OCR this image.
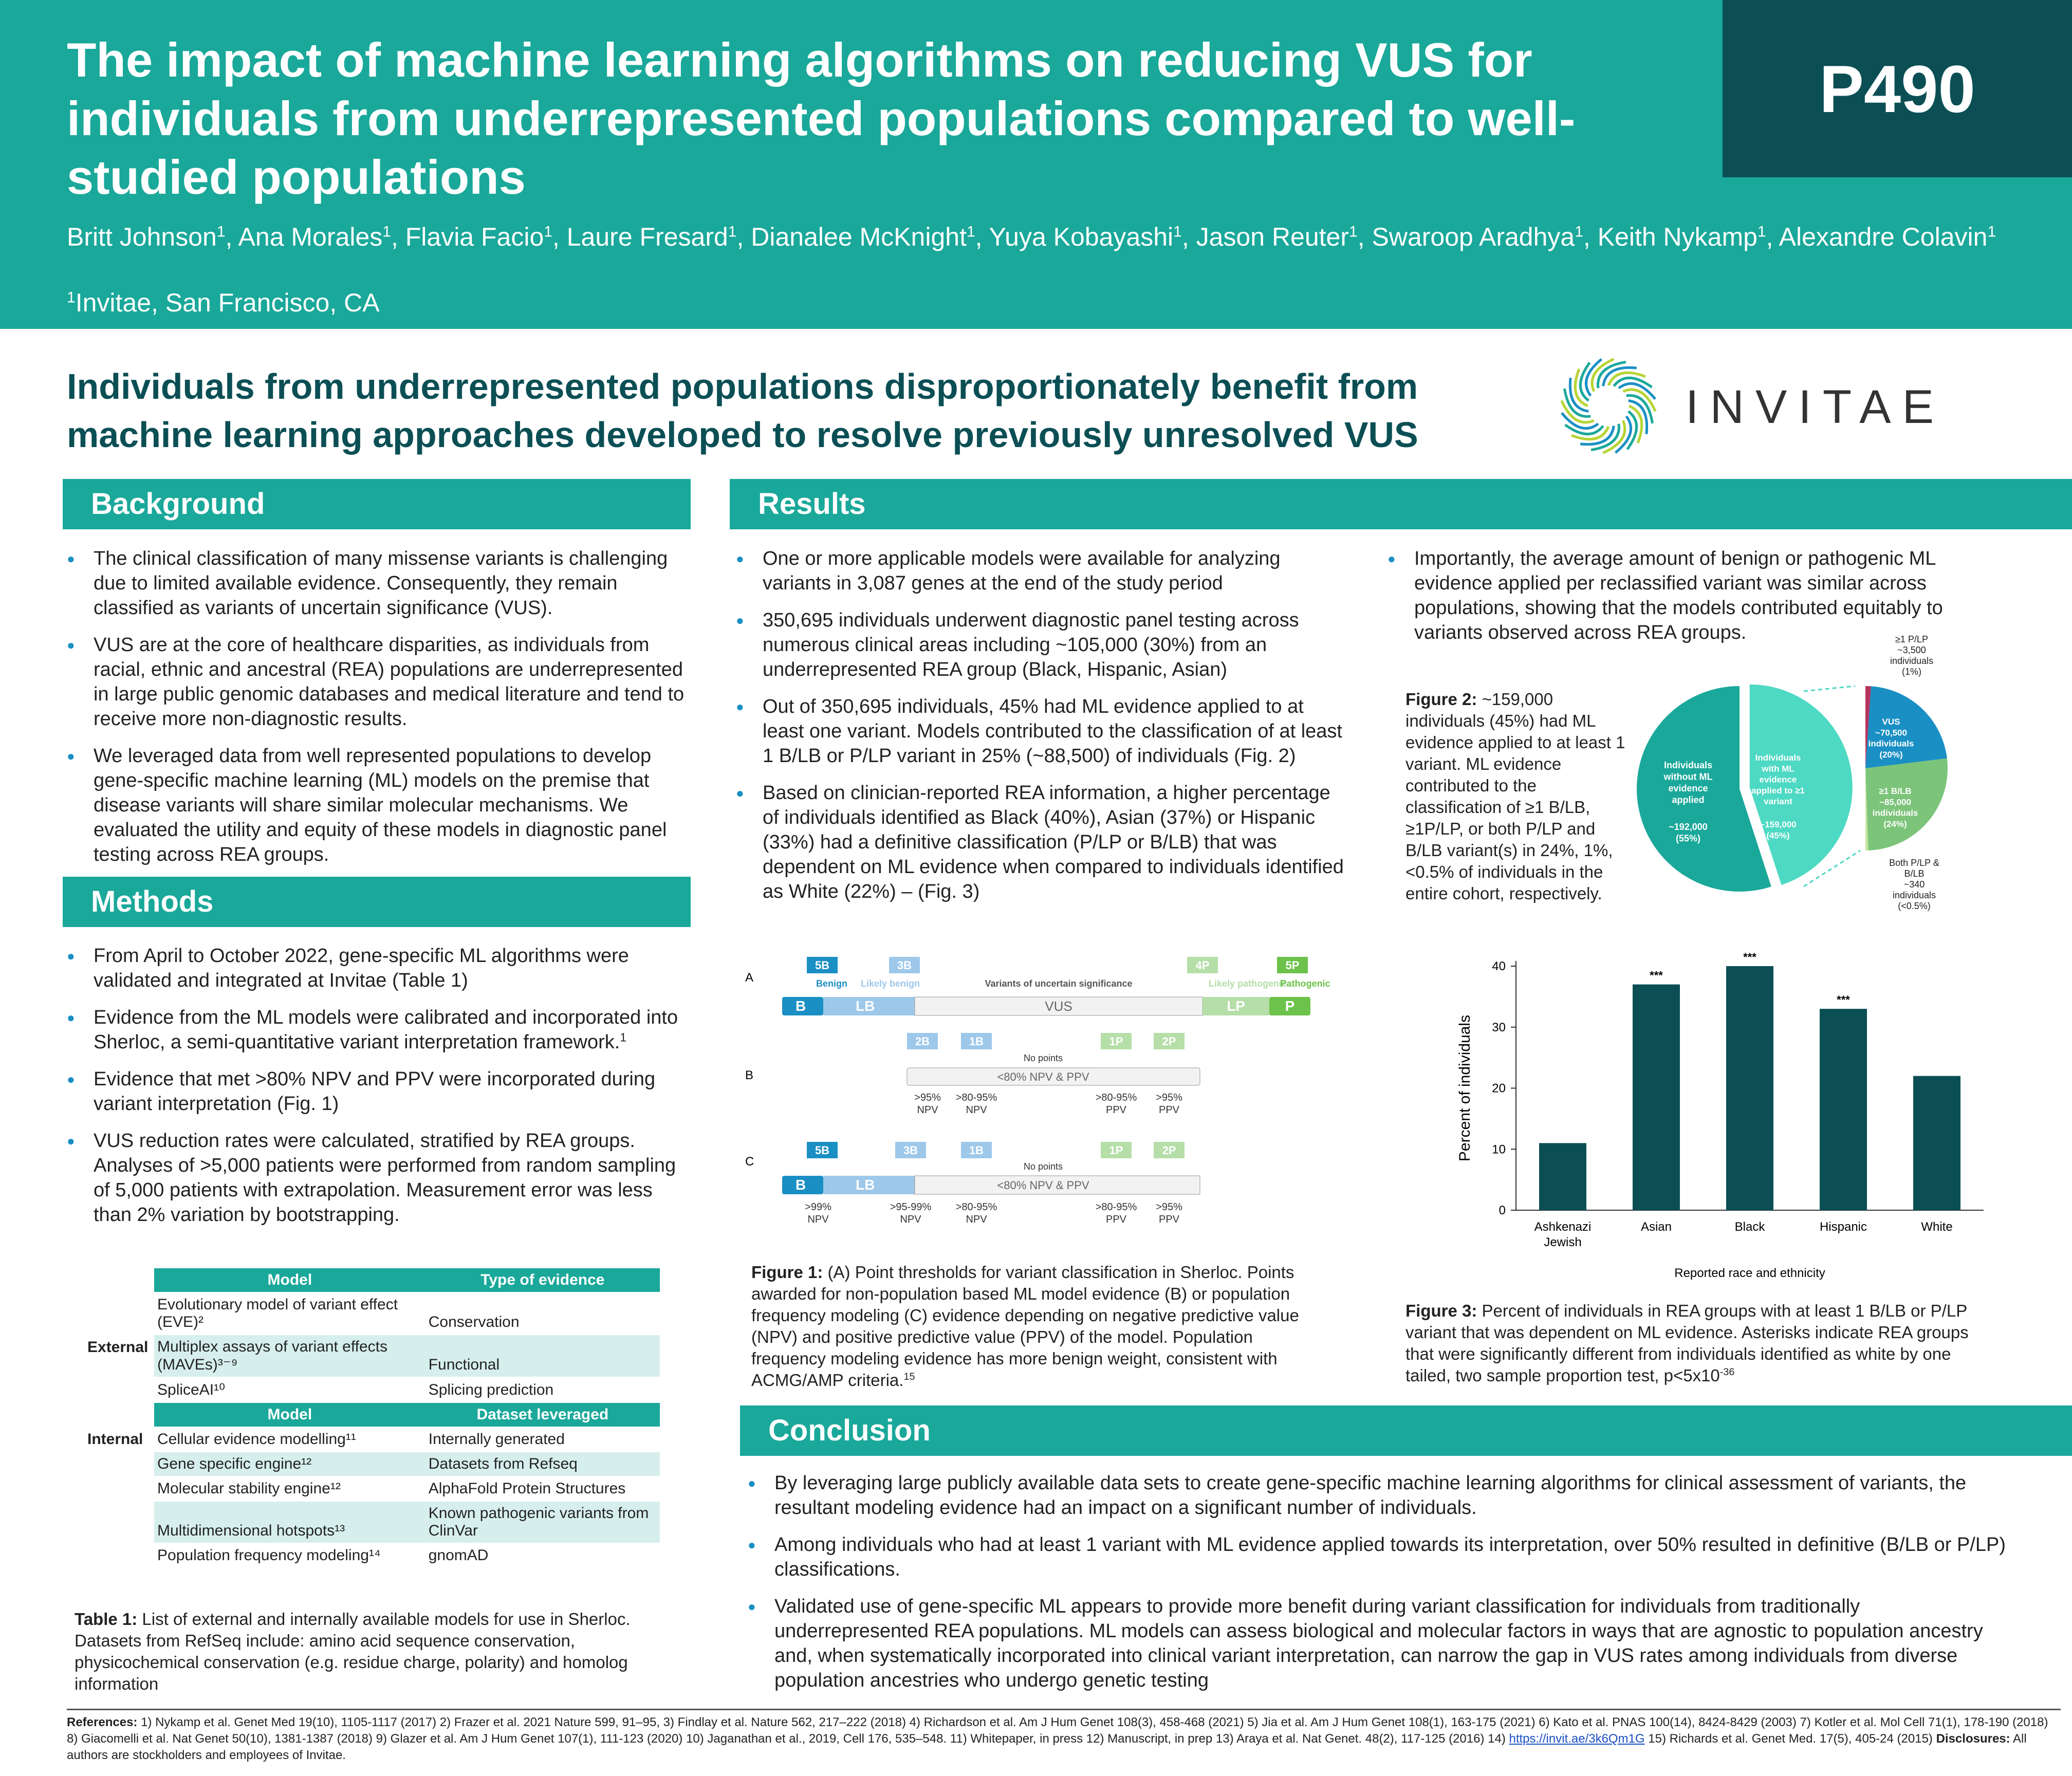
The impact of machine learning algorithms on reducing VUS for individuals from underrepresented populations compared to well-studied populations
P490
Britt Johnson$^1$, Ana Morales$^1$, Flavia Facio$^1$, Laure Fresard$^1$, Dianalee McKnight$^1$, Yuya Kobayashi$^1$, Jason Reuter$^1$, Swaroop Aradhya$^1$, Keith Nykamp$^1$, Alexandre Colavin$^1$
$^1$Invitae, San Francisco, CA
Individuals from underrepresented populations disproportionately benefit from machine learning approaches developed to resolve previously unresolved VUS
INVITAE
Background
● The clinical classification of many missense variants is challenging due to limited available evidence. Consequently, they remain classified as variants of uncertain significance (VUS).
● VUS are at the core of healthcare disparities, as individuals from racial, ethnic and ancestral (REA) populations are underrepresented in large public genomic databases and medical literature and tend to receive more non-diagnostic results.
● We leveraged data from well represented populations to develop gene-specific machine learning (ML) models on the premise that disease variants will share similar molecular mechanisms. We evaluated the utility and equity of these models in diagnostic panel testing across REA groups.
Methods
● From April to October 2022, gene-specific ML algorithms were validated and integrated at Invitae (Table 1)
● Evidence from the ML models were calibrated and incorporated into Sherloc, a semi-quantitative variant interpretation framework.$^1$
● Evidence that met >80% NPV and PPV were incorporated during variant interpretation (Fig. 1)
● VUS reduction rates were calculated, stratified by REA groups. Analyses of >5,000 patients were performed from random sampling of 5,000 patients with extrapolation. Measurement error was less than 2% variation by bootstrapping.
	Model	Type of evidence
External	Evolutionary model of variant effect (EVE)²	Conservation
	Multiplex assays of variant effects (MAVEs)³⁻⁹	Functional
	SpliceAI¹⁰	Splicing prediction
	Model	Dataset leveraged
Internal	Cellular evidence modelling¹¹	Internally generated
	Gene specific engine¹²	Datasets from Refseq
	Molecular stability engine¹²	AlphaFold Protein Structures
	Multidimensional hotspots¹³	Known pathogenic variants from ClinVar
	Population frequency modeling¹⁴	gnomAD
Table 1: List of external and internally available models for use in Sherloc. Datasets from RefSeq include: amino acid sequence conservation, physicochemical conservation (e.g. residue charge, polarity) and homolog information
Results
● One or more applicable models were available for analyzing variants in 3,087 genes at the end of the study period
● 350,695 individuals underwent diagnostic panel testing across numerous clinical areas including ~105,000 (30%) from an underrepresented REA group (Black, Hispanic, Asian)
● Out of 350,695 individuals, 45% had ML evidence applied to at least one variant. Models contributed to the classification of at least 1 B/LB or P/LP variant in 25% (~88,500) of individuals (Fig. 2)
● Based on clinician-reported REA information, a higher percentage of individuals identified as Black (40%), Asian (37%) or Hispanic (33%) had a definitive classification (P/LP or B/LB) that was dependent on ML evidence when compared to individuals identified as White (22%) – (Fig. 3)
● Importantly, the average amount of benign or pathogenic ML evidence applied per reclassified variant was similar across populations, showing that the models contributed equitably to variants observed across REA groups.
A
B
5B	3B	4P	5P
Benign Likely benign	Variants of uncertain significance	Likely pathogenic
Pathogenic
B	LB	VUS	LP	P
2B	1B	1P	2P
No points
<80% NPV & PPV
>95%
NPV
>80-95%
NPV
>80-95%
PPV
>95%
PPV
C
5B	3B	1B	1P	2P
No points
B	LB	<80% NPV & PPV
>99%
NPV
>95-99%
NPV
>80-95%
NPV
>80-95%
PPV
>95%
PPV
Figure 1: (A) Point thresholds for variant classification in Sherloc. Points awarded for non-population based ML model evidence (B) or population frequency modeling (C) evidence depending on negative predictive value (NPV) and positive predictive value (PPV) of the model. Population frequency modeling evidence has more benign weight, consistent with ACMG/AMP criteria.$^{15}$
Figure 2: ~159,000 individuals (45%) had ML evidence applied to at least 1 variant. ML evidence contributed to the classification of ≥1 B/LB, ≥1P/LP, or both P/LP and B/LB variant(s) in 24%, 1%, <0.5% of individuals in the entire cohort, respectively.
Individuals
without ML
evidence
applied
~192,000
(55%)
Individuals
with ML
evidence
applied to ≥1
variant
~159,000
(45%)
VUS
~70,500
individuals
(20%)
≥1 B/LB
~85,000
individuals
(24%)
≥1 P/LP
~3,500
individuals
(1%)
Both P/LP &
B/LB
~340
individuals
(<0.5%)
0
10
20
30
40
Ashkenazi
Jewish
Asian
***
Black
***
Hispanic
***
White
Percent of individuals
Reported race and ethnicity
Figure 3: Percent of individuals in REA groups with at least 1 B/LB or P/LP variant that was dependent on ML evidence. Asterisks indicate REA groups that were significantly different from individuals identified as white by one tailed, two sample proportion test, $p<5x10^{-36}$
Conclusion
● By leveraging large publicly available data sets to create gene-specific machine learning algorithms for clinical assessment of variants, the resultant modeling evidence had an impact on a significant number of individuals.
● Among individuals who had at least 1 variant with ML evidence applied towards its interpretation, over 50% resulted in definitive (B/LB or P/LP) classifications.
● Validated use of gene-specific ML appears to provide more benefit during variant classification for individuals from traditionally underrepresented REA populations. ML models can assess biological and molecular factors in ways that are agnostic to population ancestry and, when systematically incorporated into clinical variant interpretation, can narrow the gap in VUS rates among individuals from diverse population ancestries who undergo genetic testing
References: 1) Nykamp et al. Genet Med 19(10), 1105-1117 (2017) 2) Frazer et al. 2021 Nature 599, 91–95, 3) Findlay et al. Nature 562, 217–222 (2018) 4) Richardson et al. Am J Hum Genet 108(3), 458-468 (2021) 5) Jia et al. Am J Hum Genet 108(1), 163-175 (2021) 6) Kato et al. PNAS 100(14), 8424-8429 (2003) 7) Kotler et al. Mol Cell 71(1), 178-190 (2018) 8) Giacomelli et al. Nat Genet 50(10), 1381-1387 (2018) 9) Glazer et al. Am J Hum Genet 107(1), 111-123 (2020) 10) Jaganathan et al., 2019, Cell 176, 535–548. 11) Whitepaper, in press 12) Manuscript, in prep 13) Araya et al. Nat Genet. 48(2), 117-125 (2016) 14) https://invit.ae/3k6Qm1G 15) Richards et al. Genet Med. 17(5), 405-24 (2015) Disclosures: All authors are stockholders and employees of Invitae.
